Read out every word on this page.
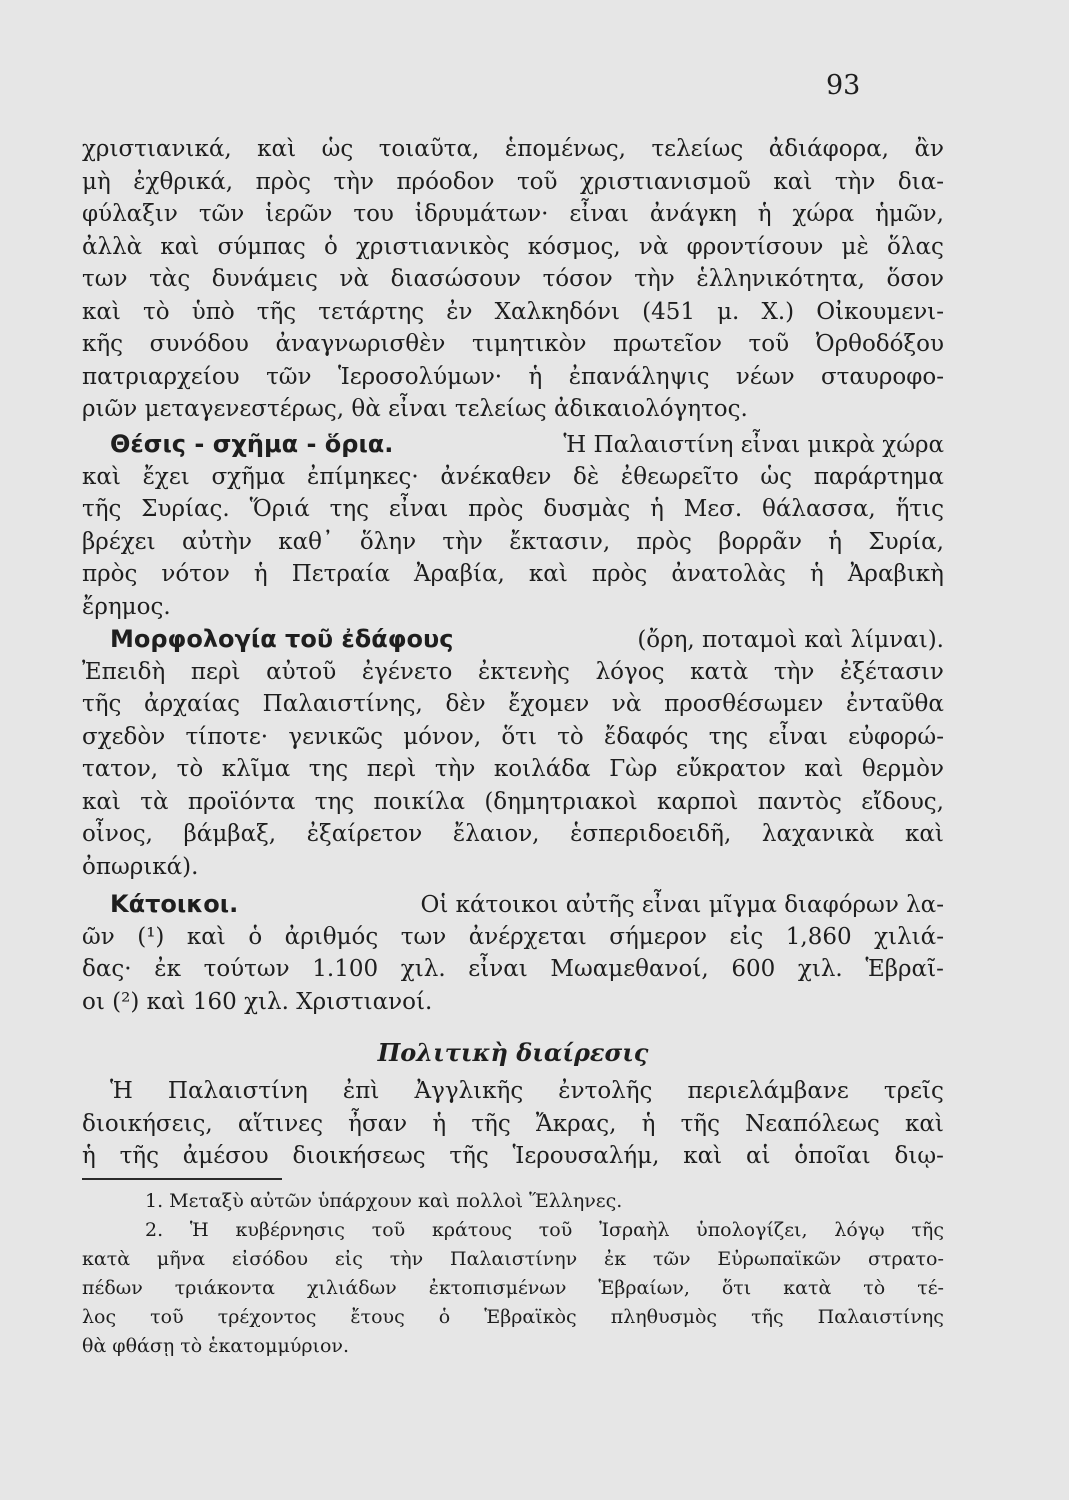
93
χριστιανικά, καὶ ὡς τοιαῦτα, ἑπομένως, τελείως ἀδιάφορα, ἂν
μὴ ἐχθρικά, πρὸς τὴν πρόοδον τοῦ χριστιανισμοῦ καὶ τὴν δια-
φύλαξιν τῶν ἱερῶν του ἱδρυμάτων· εἶναι ἀνάγκη ἡ χώρα ἡμῶν,
ἀλλὰ καὶ σύμπας ὁ χριστιανικὸς κόσμος, νὰ φροντίσουν μὲ ὅλας
των τὰς δυνάμεις νὰ διασώσουν τόσον τὴν ἑλληνικότητα, ὅσον
καὶ τὸ ὑπὸ τῆς τετάρτης ἐν Χαλκηδόνι (451 μ. Χ.) Οἰκουμενι-
κῆς συνόδου ἀναγνωρισθὲν τιμητικὸν πρωτεῖον τοῦ Ὀρθοδόξου
πατριαρχείου τῶν Ἱεροσολύμων· ἡ ἐπανάληψις νέων σταυροφο-
ριῶν μεταγενεστέρως, θὰ εἶναι τελείως ἀδικαιολόγητος.
Θέσις - σχῆμα - ὅρια.	Ἡ Παλαιστίνη εἶναι μικρὰ χώρα
καὶ ἔχει σχῆμα ἐπίμηκες· ἀνέκαθεν δὲ ἐθεωρεῖτο ὡς παράρτημα
τῆς Συρίας. Ὅριά της εἶναι πρὸς δυσμὰς ἡ Μεσ. θάλασσα, ἥτις
βρέχει αὐτὴν καθ᾽ ὅλην τὴν ἔκτασιν, πρὸς βορρᾶν ἡ Συρία,
πρὸς νότον ἡ Πετραία Ἀραβία, καὶ πρὸς ἀνατολὰς ἡ Ἀραβικὴ
ἔρημος.
Μορφολογία τοῦ ἐδάφους	(ὄρη, ποταμοὶ καὶ λίμναι).
Ἐπειδὴ περὶ αὐτοῦ ἐγένετο ἐκτενὴς λόγος κατὰ τὴν ἐξέτασιν
τῆς ἀρχαίας Παλαιστίνης, δὲν ἔχομεν νὰ προσθέσωμεν ἐνταῦθα
σχεδὸν τίποτε· γενικῶς μόνον, ὅτι τὸ ἔδαφός της εἶναι εὐφορώ-
τατον, τὸ κλῖμα της περὶ τὴν κοιλάδα Γὼρ εὔκρατον καὶ θερμὸν
καὶ τὰ προϊόντα της ποικίλα (δημητριακοὶ καρποὶ παντὸς εἴδους,
οἶνος, βάμβαξ, ἐξαίρετον ἔλαιον, ἑσπεριδοειδῆ, λαχανικὰ καὶ
ὀπωρικά).
Κάτοικοι.	Οἱ κάτοικοι αὐτῆς εἶναι μῖγμα διαφόρων λα-
ῶν (¹) καὶ ὁ ἀριθμός των ἀνέρχεται σήμερον εἰς 1,860 χιλιά-
δας· ἐκ τούτων 1.100 χιλ. εἶναι Μωαμεθανοί, 600 χιλ. Ἑβραῖ-
οι (²) καὶ 160 χιλ. Χριστιανοί.
Πολιτικὴ διαίρεσις
Ἡ Παλαιστίνη ἐπὶ Ἀγγλικῆς ἐντολῆς περιελάμβανε τρεῖς
διοικήσεις, αἵτινες ἦσαν ἡ τῆς Ἄκρας, ἡ τῆς Νεαπόλεως καὶ
ἡ τῆς ἀμέσου διοικήσεως τῆς Ἱερουσαλήμ, καὶ αἱ ὁποῖαι διῳ-
1. Μεταξὺ αὐτῶν ὑπάρχουν καὶ πολλοὶ Ἕλληνες.
2. Ἡ κυβέρνησις τοῦ κράτους τοῦ Ἰσραὴλ ὑπολογίζει, λόγῳ τῆς
κατὰ μῆνα εἰσόδου εἰς τὴν Παλαιστίνην ἐκ τῶν Εὐρωπαϊκῶν στρατο-
πέδων τριάκοντα χιλιάδων ἐκτοπισμένων Ἑβραίων, ὅτι κατὰ τὸ τέ-
λος τοῦ τρέχοντος ἔτους ὁ Ἑβραϊκὸς πληθυσμὸς τῆς Παλαιστίνης
θὰ φθάσῃ τὸ ἑκατομμύριον.
